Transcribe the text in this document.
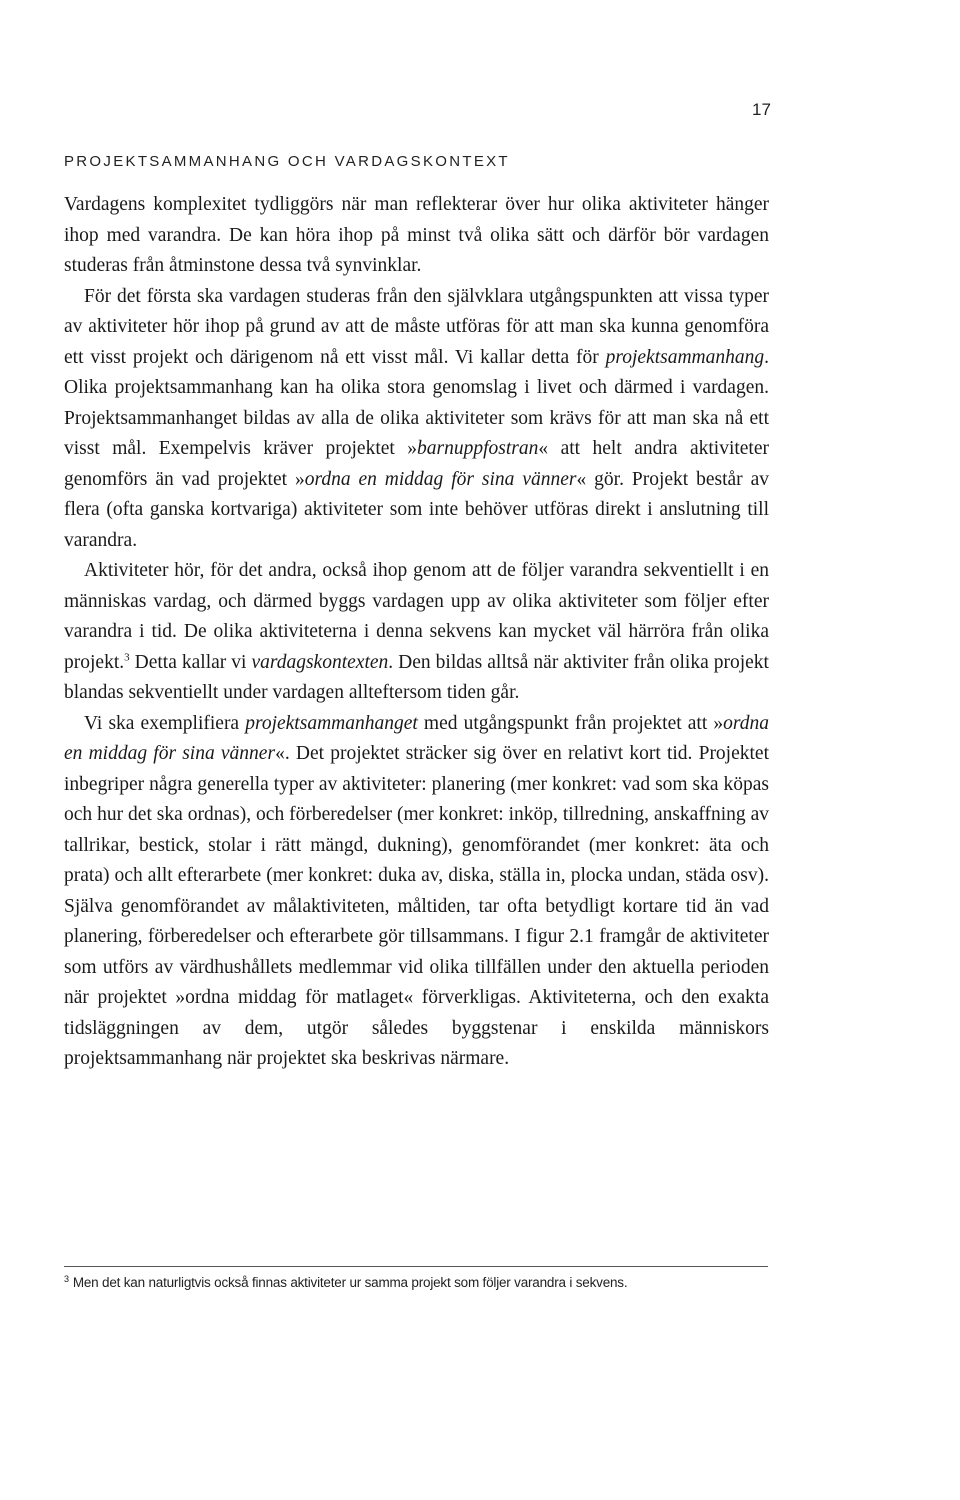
17
PROJEKTSAMMANHANG OCH VARDAGSKONTEXT

Vardagens komplexitet tydliggörs när man reflekterar över hur olika aktiviteter hänger ihop med varandra. De kan höra ihop på minst två olika sätt och därför bör vardagen studeras från åtminstone dessa två synvinklar.

För det första ska vardagen studeras från den självklara utgångspunkten att vissa typer av aktiviteter hör ihop på grund av att de måste utföras för att man ska kunna genomföra ett visst projekt och därigenom nå ett visst mål. Vi kallar detta för projektsammanhang. Olika projektsammanhang kan ha olika stora genomslag i livet och därmed i vardagen. Projektsammanhanget bildas av alla de olika aktiviteter som krävs för att man ska nå ett visst mål. Exempelvis kräver projektet »barnuppfostran« att helt andra aktiviteter genomförs än vad projektet »ordna en middag för sina vänner« gör. Projekt består av flera (ofta ganska kortvariga) aktiviteter som inte behöver utföras direkt i anslutning till varandra.

Aktiviteter hör, för det andra, också ihop genom att de följer varandra sekventiellt i en människas vardag, och därmed byggs vardagen upp av olika aktiviteter som följer efter varandra i tid. De olika aktiviteterna i denna sekvens kan mycket väl härröra från olika projekt.$^3$ Detta kallar vi vardagskontexten. Den bildas alltså när aktiviter från olika projekt blandas sekventiellt under vardagen allteftersom tiden går.

Vi ska exemplifiera projektsammanhanget med utgångspunkt från projektet att »ordna en middag för sina vänner«. Det projektet sträcker sig över en relativt kort tid. Projektet inbegriper några generella typer av aktiviteter: planering (mer konkret: vad som ska köpas och hur det ska ordnas), och förberedelser (mer konkret: inköp, tillredning, anskaffning av tallrikar, bestick, stolar i rätt mängd, dukning), genomförandet (mer konkret: äta och prata) och allt efterarbete (mer konkret: duka av, diska, ställa in, plocka undan, städa osv). Själva genomförandet av målaktiviteten, måltiden, tar ofta betydligt kortare tid än vad planering, förberedelser och efterarbete gör tillsammans. I figur 2.1 framgår de aktiviteter som utförs av värdhushållets medlemmar vid olika tillfällen under den aktuella perioden när projektet »ordna middag för matlaget« förverkligas. Aktiviteterna, och den exakta tidsläggningen av dem, utgör således byggstenar i enskilda människors projektsammanhang när projektet ska beskrivas närmare.

$^3$ Men det kan naturligtvis också finnas aktiviteter ur samma projekt som följer varandra i sekvens.
